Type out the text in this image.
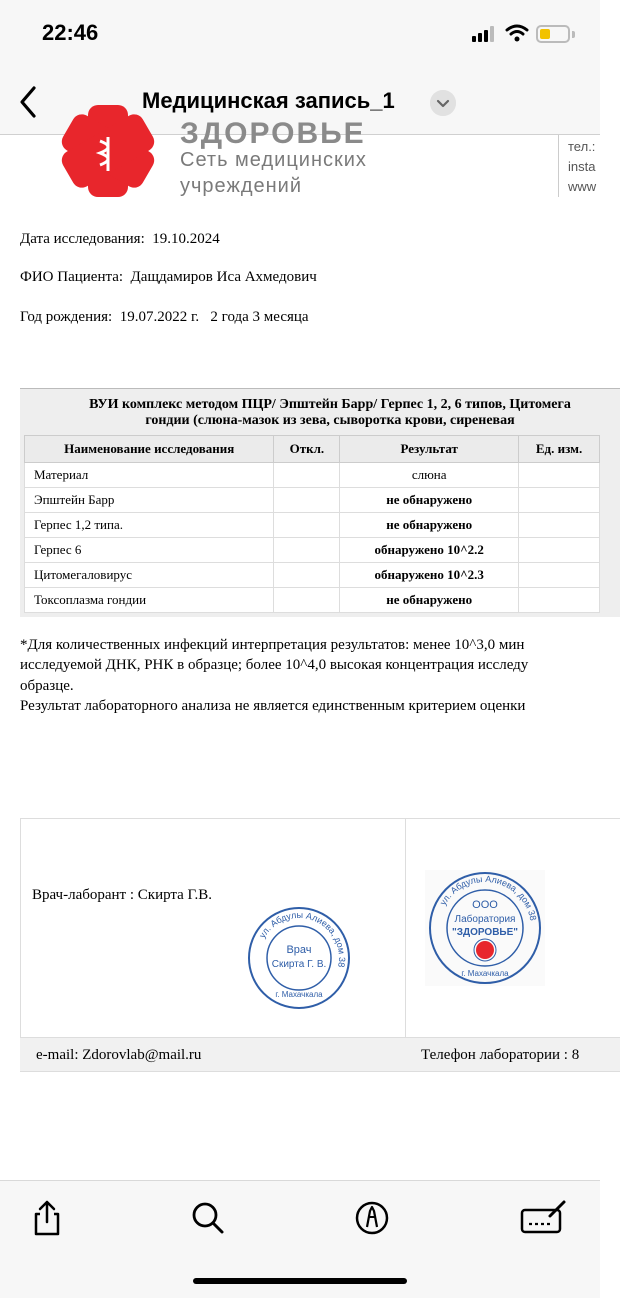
22:46
Медицинская запись_1
ЗДОРОВЬЕ
Сеть медицинских
учреждений
тел.:
insta
www
Дата исследования:  19.10.2024
ФИО Пациента:  Дащдамиров Иса Ахмедович
Год рождения:  19.07.2022 г.   2 года 3 месяца
ВУИ комплекс методом ПЦР/ Эпштейн Барр/ Герпес 1, 2, 6 типов, Цитомега
гондии (слюна-мазок из зева, сыворотка крови, сиреневая
Наименование исследования	Откл.	Результат	Ед. изм.
Материал		слюна	
Эпштейн Барр		не обнаружено	
Герпес 1,2 типа.		не обнаружено	
Герпес 6		обнаружено 10^2.2	
Цитомегаловирус		обнаружено 10^2.3	
Токсоплазма гондии		не обнаружено	
*Для количественных инфекций интерпретация результатов: менее 10^3,0 мин
исследуемой ДНК, РНК в образце; более 10^4,0 высокая концентрация исследу
образце.
Результат лабораторного анализа не является единственным критерием оценки
Врач-лаборант : Скирта Г.В.
ул. Абдулы Алиева, дом 38
Врач
Скирта Г. В.
г. Махачкала
ул. Абдулы Алиева, дом 38
ООО
Лаборатория
"ЗДОРОВЬЕ"
г. Махачкала
e-mail: Zdorovlab@mail.ru	Телефон лаборатории : 8
